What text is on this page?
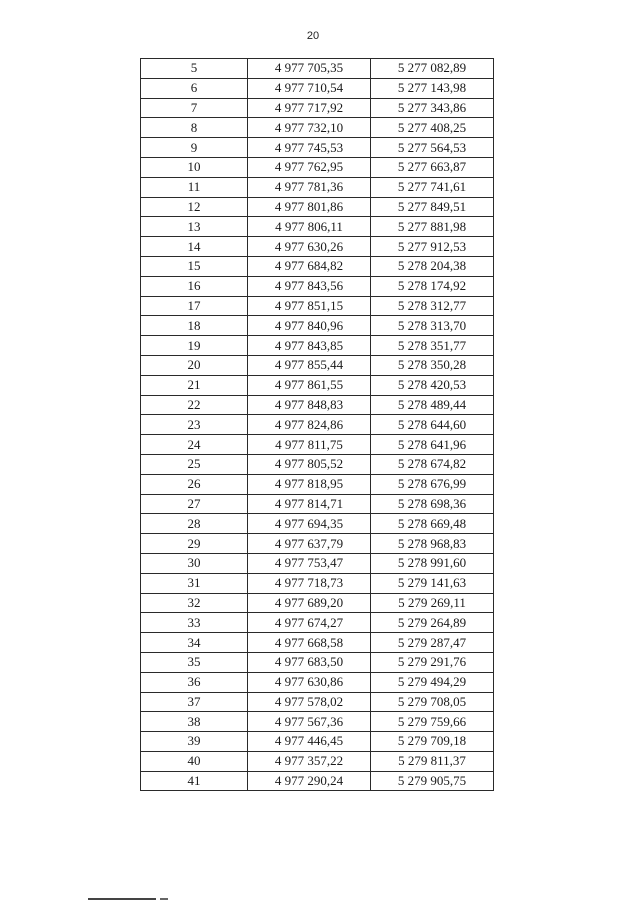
20
5	4 977 705,35	5 277 082,89
6	4 977 710,54	5 277 143,98
7	4 977 717,92	5 277 343,86
8	4 977 732,10	5 277 408,25
9	4 977 745,53	5 277 564,53
10	4 977 762,95	5 277 663,87
11	4 977 781,36	5 277 741,61
12	4 977 801,86	5 277 849,51
13	4 977 806,11	5 277 881,98
14	4 977 630,26	5 277 912,53
15	4 977 684,82	5 278 204,38
16	4 977 843,56	5 278 174,92
17	4 977 851,15	5 278 312,77
18	4 977 840,96	5 278 313,70
19	4 977 843,85	5 278 351,77
20	4 977 855,44	5 278 350,28
21	4 977 861,55	5 278 420,53
22	4 977 848,83	5 278 489,44
23	4 977 824,86	5 278 644,60
24	4 977 811,75	5 278 641,96
25	4 977 805,52	5 278 674,82
26	4 977 818,95	5 278 676,99
27	4 977 814,71	5 278 698,36
28	4 977 694,35	5 278 669,48
29	4 977 637,79	5 278 968,83
30	4 977 753,47	5 278 991,60
31	4 977 718,73	5 279 141,63
32	4 977 689,20	5 279 269,11
33	4 977 674,27	5 279 264,89
34	4 977 668,58	5 279 287,47
35	4 977 683,50	5 279 291,76
36	4 977 630,86	5 279 494,29
37	4 977 578,02	5 279 708,05
38	4 977 567,36	5 279 759,66
39	4 977 446,45	5 279 709,18
40	4 977 357,22	5 279 811,37
41	4 977 290,24	5 279 905,75
